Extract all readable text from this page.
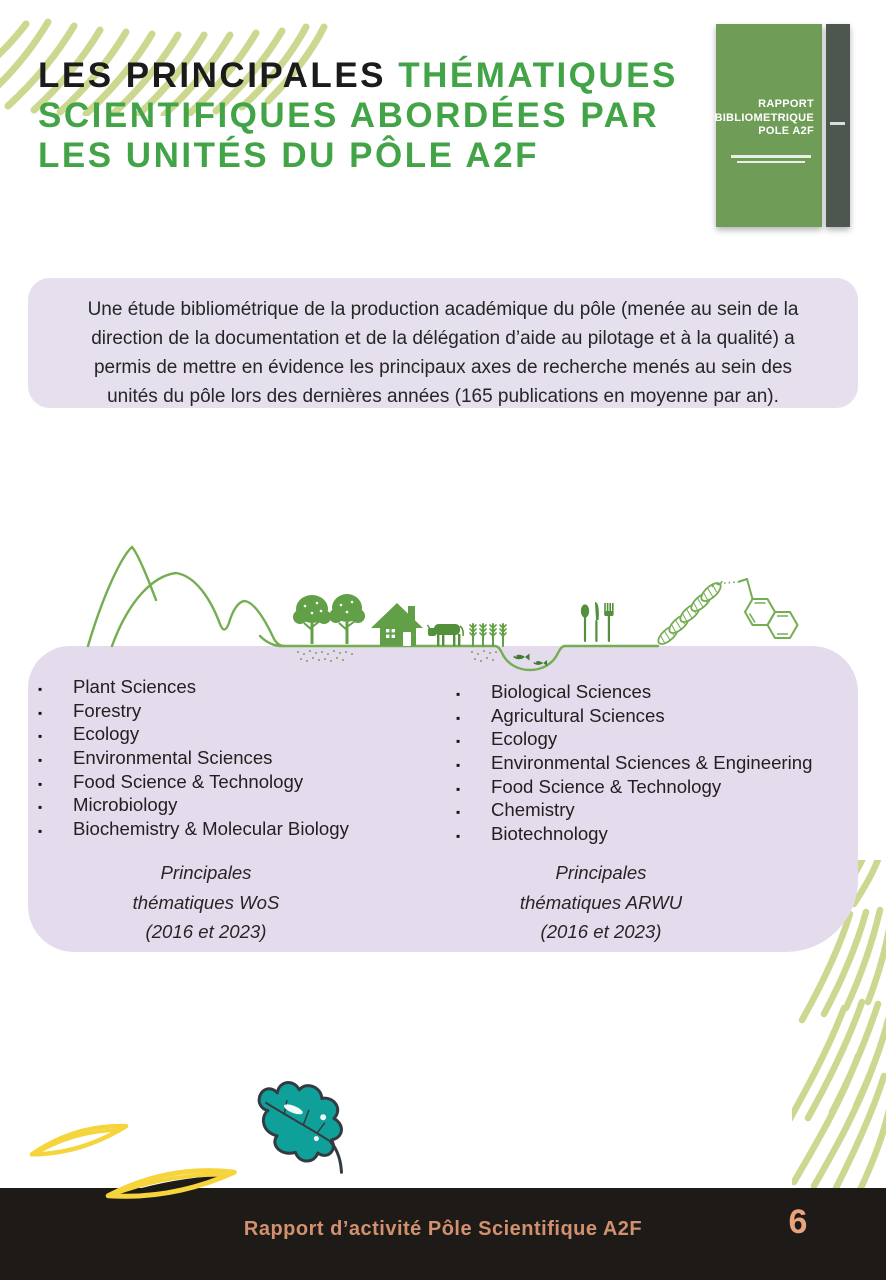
LES PRINCIPALES THÉMATIQUES
SCIENTIFIQUES ABORDÉES PAR
LES UNITÉS DU PÔLE A2F
RAPPORT
BIBLIOMETRIQUE
POLE A2F

Une étude bibliométrique de la production académique du pôle (menée au sein de la direction de la documentation et de la délégation d’aide au pilotage et à la qualité) a permis de mettre en évidence les principaux axes de recherche menés au sein des unités du pôle lors des dernières années (165 publications en moyenne par an).

▪	Plant Sciences
▪	Forestry
▪	Ecology
▪	Environmental Sciences
▪	Food Science & Technology
▪	Microbiology
▪	Biochemistry & Molecular Biology
▪	Biological Sciences
▪	Agricultural Sciences
▪	Ecology
▪	Environmental Sciences & Engineering
▪	Food Science & Technology
▪	Chemistry
▪	Biotechnology
Principales
thématiques WoS
(2016 et 2023)
Principales
thématiques ARWU
(2016 et 2023)
Rapport d’activité Pôle Scientifique A2F	6
